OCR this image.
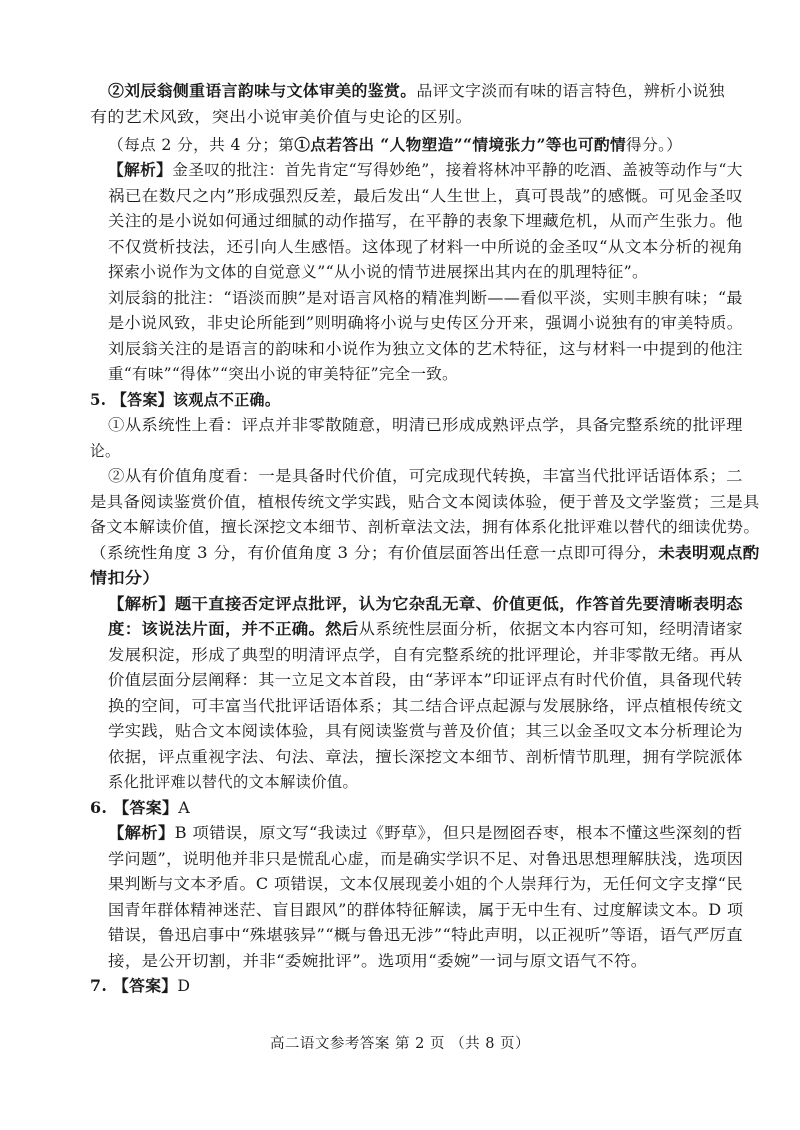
②刘辰翁侧重语言韵味与文体审美的鉴赏。品评文字淡而有味的语言特色，辨析小说独
有的艺术风致，突出小说审美价值与史论的区别。
（每点 2 分，共 4 分；第①点若答出 “人物塑造”“情境张力”等也可酌情得分。）
【解析】金圣叹的批注：首先肯定“写得妙绝”，接着将林冲平静的吃酒、盖被等动作与“大
祸已在数尺之内”形成强烈反差，最后发出“人生世上，真可畏哉”的感慨。可见金圣叹
关注的是小说如何通过细腻的动作描写，在平静的表象下埋藏危机，从而产生张力。他
不仅赏析技法，还引向人生感悟。这体现了材料一中所说的金圣叹“从文本分析的视角
探索小说作为文体的自觉意义”“从小说的情节进展探出其内在的肌理特征”。
刘辰翁的批注：“语淡而腴”是对语言风格的精准判断——看似平淡，实则丰腴有味；“最
是小说风致，非史论所能到”则明确将小说与史传区分开来，强调小说独有的审美特质。
刘辰翁关注的是语言的韵味和小说作为独立文体的艺术特征，这与材料一中提到的他注
重“有味”“得体”“突出小说的审美特征”完全一致。
5. 【答案】该观点不正确。
①从系统性上看：评点并非零散随意，明清已形成成熟评点学，具备完整系统的批评理
论。
②从有价值角度看：一是具备时代价值，可完成现代转换，丰富当代批评话语体系；二
是具备阅读鉴赏价值，植根传统文学实践，贴合文本阅读体验，便于普及文学鉴赏；三是具
备文本解读价值，擅长深挖文本细节、剖析章法文法，拥有体系化批评难以替代的细读优势。
（系统性角度 3 分，有价值角度 3 分；有价值层面答出任意一点即可得分，未表明观点酌
情扣分）
【解析】题干直接否定评点批评，认为它杂乱无章、价值更低，作答首先要清晰表明态
度：该说法片面，并不正确。然后从系统性层面分析，依据文本内容可知，经明清诸家
发展积淀，形成了典型的明清评点学，自有完整系统的批评理论，并非零散无绪。再从
价值层面分层阐释：其一立足文本首段，由“茅评本”印证评点有时代价值，具备现代转
换的空间，可丰富当代批评话语体系；其二结合评点起源与发展脉络，评点植根传统文
学实践，贴合文本阅读体验，具有阅读鉴赏与普及价值；其三以金圣叹文本分析理论为
依据，评点重视字法、句法、章法，擅长深挖文本细节、剖析情节肌理，拥有学院派体
系化批评难以替代的文本解读价值。
6. 【答案】A
【解析】B 项错误，原文写“我读过《野草》，但只是囫囵吞枣，根本不懂这些深刻的哲
学问题”，说明他并非只是慌乱心虚，而是确实学识不足、对鲁迅思想理解肤浅，选项因
果判断与文本矛盾。C 项错误，文本仅展现姜小姐的个人崇拜行为，无任何文字支撑“民
国青年群体精神迷茫、盲目跟风”的群体特征解读，属于无中生有、过度解读文本。D 项
错误，鲁迅启事中“殊堪骇异”“概与鲁迅无涉”“特此声明，以正视听”等语，语气严厉直
接，是公开切割，并非“委婉批评”。选项用“委婉”一词与原文语气不符。
7. 【答案】D
高二语文参考答案 第 2 页 （共 8 页）
